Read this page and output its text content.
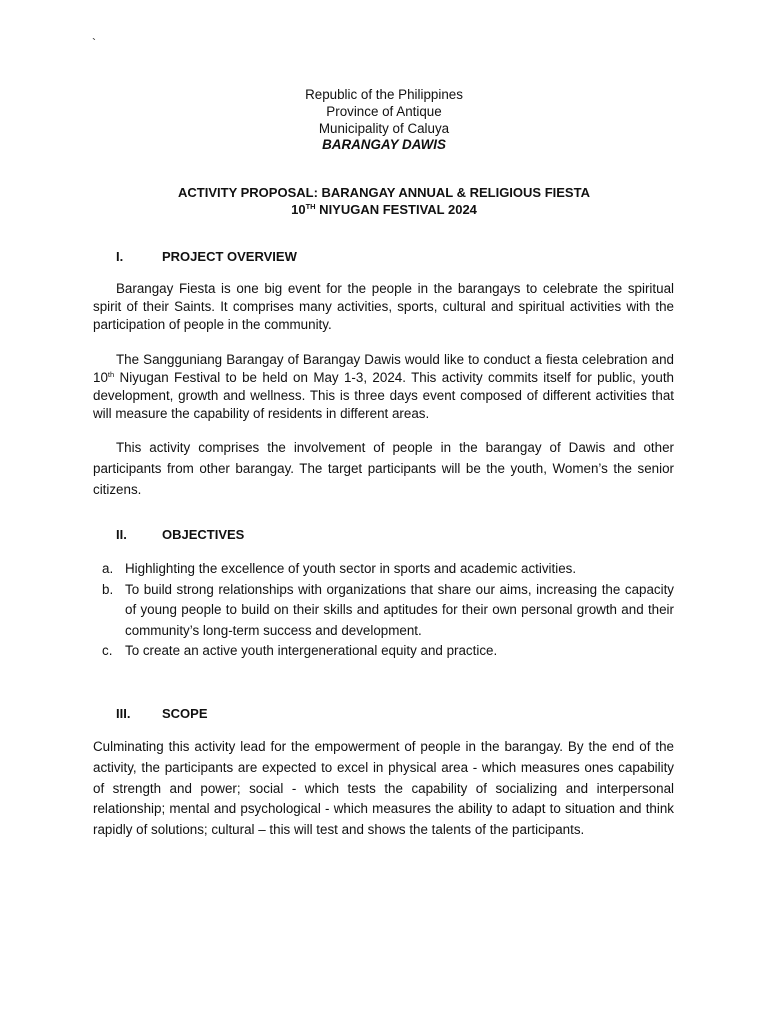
`
Republic of the Philippines
Province of Antique
Municipality of Caluya
BARANGAY DAWIS
ACTIVITY PROPOSAL: BARANGAY ANNUAL & RELIGIOUS FIESTA
10TH NIYUGAN FESTIVAL 2024
I.	PROJECT OVERVIEW

Barangay Fiesta is one big event for the people in the barangays to celebrate the spiritual spirit of their Saints. It comprises many activities, sports, cultural and spiritual activities with the participation of people in the community.

The Sangguniang Barangay of Barangay Dawis would like to conduct a fiesta celebration and 10th Niyugan Festival to be held on May 1-3, 2024. This activity commits itself for public, youth development, growth and wellness. This is three days event composed of different activities that will measure the capability of residents in different areas.

This activity comprises the involvement of people in the barangay of Dawis and other participants from other barangay. The target participants will be the youth, Women’s the senior citizens.

II.	OBJECTIVES
a. Highlighting the excellence of youth sector in sports and academic activities.
b. To build strong relationships with organizations that share our aims, increasing the capacity of young people to build on their skills and aptitudes for their own personal growth and their community’s long-term success and development.
c. To create an active youth intergenerational equity and practice.
III. SCOPE

Culminating this activity lead for the empowerment of people in the barangay. By the end of the activity, the participants are expected to excel in physical area - which measures ones capability of strength and power; social - which tests the capability of socializing and interpersonal relationship; mental and psychological - which measures the ability to adapt to situation and think rapidly of solutions; cultural – this will test and shows the talents of the participants.
